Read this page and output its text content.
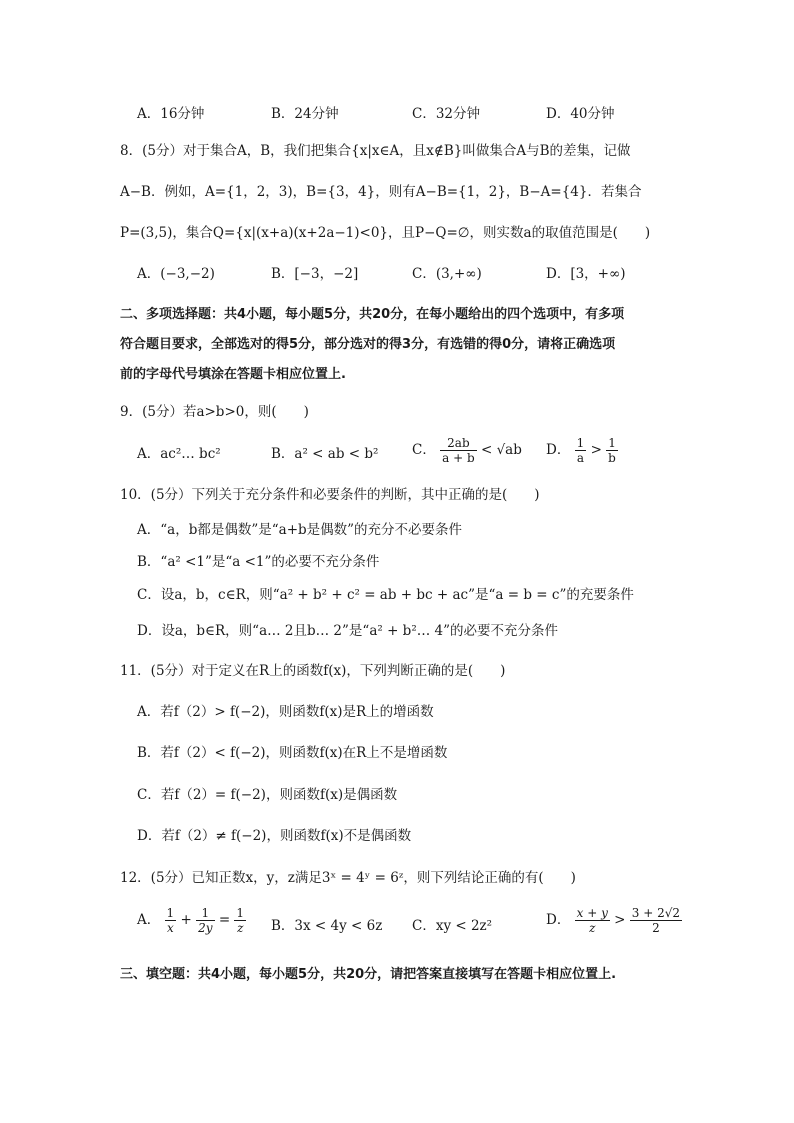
A．16分钟	B．24分钟	C．32分钟	D．40分钟
8．(5分）对于集合A，B，我们把集合{x|x∈A，且x∉B}叫做集合A与B的差集，记做
A−B．例如，A={1，2，3)，B={3，4}，则有A−B={1，2}，B−A={4}．若集合
P=(3,5)，集合Q={x|(x+a)(x+2a−1)<0}，且P−Q=∅，则实数a的取值范围是(　　)
A．(−3,−2)	B．[−3，−2]	C．(3,+∞)	D．[3，+∞)
二、多项选择题：共4小题，每小题5分，共20分，在每小题给出的四个选项中，有多项
符合题目要求，全部选对的得5分，部分选对的得3分，有选错的得0分，请将正确选项
前的字母代号填涂在答题卡相应位置上.
9．(5分）若a>b>0，则(　　)
A．ac²… bc²	B．a² < ab < b² C． $\frac{2ab}{a + b} < √ab$ D． $\frac{1}{a} > \frac{1}{b}$
10．(5分）下列关于充分条件和必要条件的判断，其中正确的是(　　)
A．“a，b都是偶数”是“a+b是偶数”的充分不必要条件
B．“a² <1”是“a <1”的必要不充分条件
C．设a，b，c∈R，则“a² + b² + c² = ab + bc + ac”是“a = b = c”的充要条件
D．设a，b∈R，则“a… 2且b… 2”是“a² + b²… 4”的必要不充分条件
11．(5分）对于定义在R上的函数f(x)，下列判断正确的是(　　)
A．若f（2）> f(−2)，则函数f(x)是R上的增函数
B．若f（2）< f(−2)，则函数f(x)在R上不是增函数
C．若f（2）= f(−2)，则函数f(x)是偶函数
D．若f（2）≠ f(−2)，则函数f(x)不是偶函数
12．(5分）已知正数x，y，z满足3ˣ = 4ʸ = 6ᶻ，则下列结论正确的有(　　)
A． $\frac{1}{x} + \frac{1}{2y} = \frac{1}{z}$ B．3x < 4y < 6z C．xy < 2z²	D． $\frac{x + y}{z} > \frac{3 + 2√2}{2}$
三、填空题：共4小题，每小题5分，共20分，请把答案直接填写在答题卡相应位置上.
